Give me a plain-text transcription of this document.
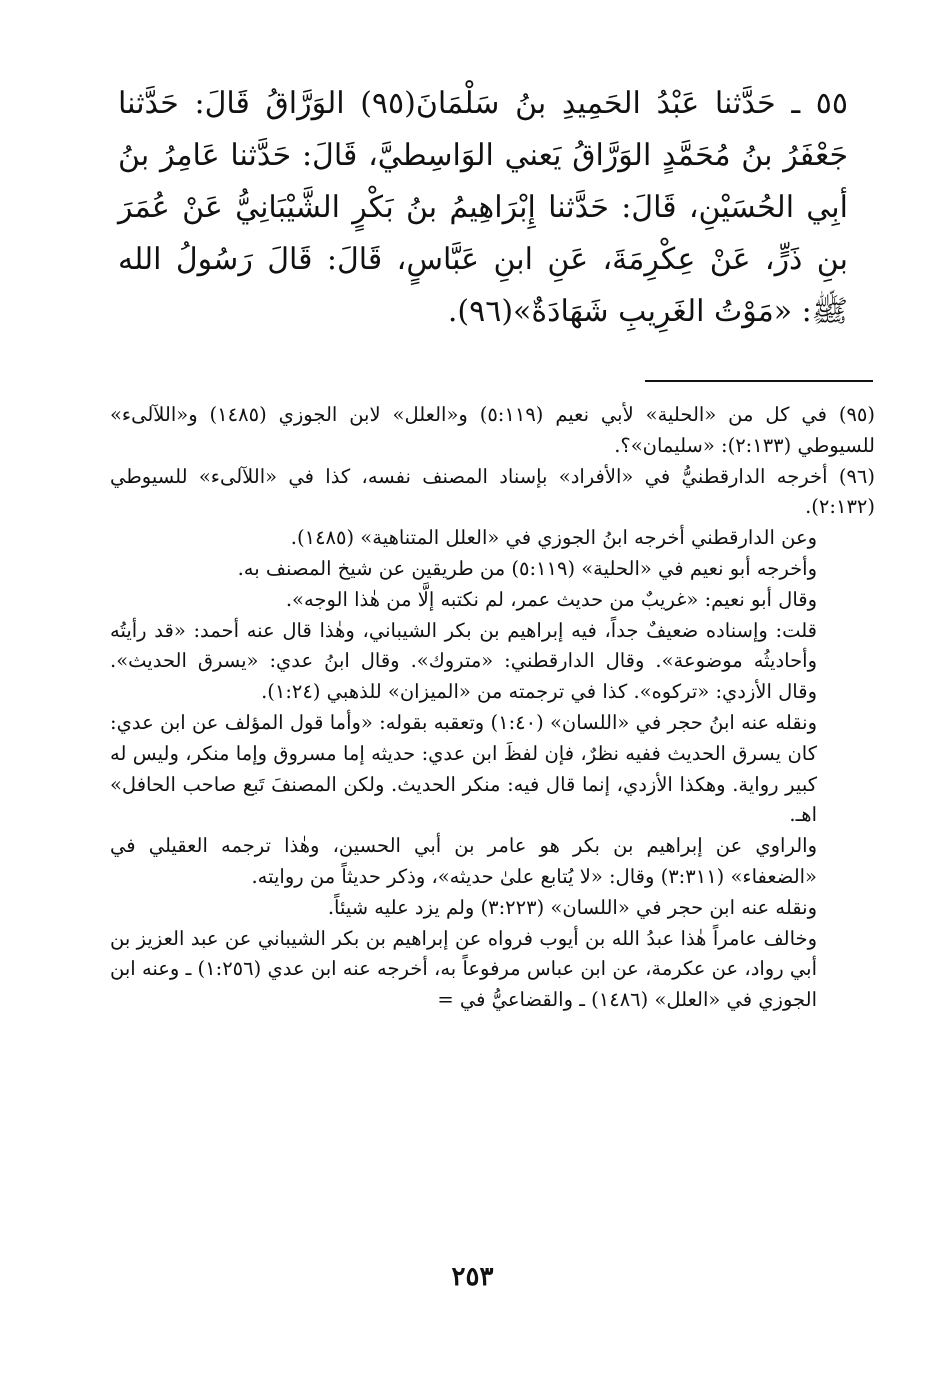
٥٥ ـ حَدَّثنا عَبْدُ الحَمِيدِ بنُ سَلْمَانَ(٩٥) الوَرَّاقُ قَالَ: حَدَّثنا جَعْفَرُ بنُ مُحَمَّدٍ الوَرَّاقُ يَعني الوَاسِطيَّ، قَالَ: حَدَّثنا عَامِرُ بنُ أبِي الحُسَيْنِ، قَالَ: حَدَّثنا إِبْرَاهِيمُ بنُ بَكْرٍ الشَّيْبَانِيُّ عَنْ عُمَرَ بنِ ذَرٍّ، عَنْ عِكْرِمَةَ، عَنِ ابنِ عَبَّاسٍ، قَالَ: قَالَ رَسُولُ الله ﷺ: «مَوْتُ الغَرِيبِ شَهَادَةٌ»(٩٦).

(٩٥) في كل من «الحلية» لأبي نعيم (٥:١١٩) و«العلل» لابن الجوزي (١٤٨٥) و«اللآلىء» للسيوطي (٢:١٣٣): «سليمان»؟.

(٩٦) أخرجه الدارقطنيُّ في «الأفراد» بإسناد المصنف نفسه، كذا في «اللآلىء» للسيوطي (٢:١٣٢).

وعن الدارقطني أخرجه ابنُ الجوزي في «العلل المتناهية» (١٤٨٥).

وأخرجه أبو نعيم في «الحلية» (٥:١١٩) من طريقين عن شيخ المصنف به.

وقال أبو نعيم: «غريبٌ من حديث عمر، لم نكتبه إلَّا من هٰذا الوجه».

قلت: وإسناده ضعيفٌ جداً، فيه إبراهيم بن بكر الشيباني، وهٰذا قال عنه أحمد: «قد رأيتُه وأحاديثُه موضوعة». وقال الدارقطني: «متروك». وقال ابنُ عدي: «يسرق الحديث». وقال الأزدي: «تركوه». كذا في ترجمته من «الميزان» للذهبي (١:٢٤).

ونقله عنه ابنُ حجر في «اللسان» (١:٤٠) وتعقبه بقوله: «وأما قول المؤلف عن ابن عدي: كان يسرق الحديث ففيه نظرٌ، فإن لفظَ ابن عدي: حديثه إما مسروق وإما منكر، وليس له كبير رواية. وهكذا الأزدي، إنما قال فيه: منكر الحديث. ولكن المصنفَ تَبع صاحب الحافل» اهـ.

والراوي عن إبراهيم بن بكر هو عامر بن أبي الحسين، وهٰذا ترجمه العقيلي في «الضعفاء» (٣:٣١١) وقال: «لا يُتابع علىٰ حديثه»، وذكر حديثاً من روايته.

ونقله عنه ابن حجر في «اللسان» (٣:٢٢٣) ولم يزد عليه شيئاً.

وخالف عامراً هٰذا عبدُ الله بن أيوب فرواه عن إبراهيم بن بكر الشيباني عن عبد العزيز بن أبي رواد، عن عكرمة، عن ابن عباس مرفوعاً به، أخرجه عنه ابن عدي (١:٢٥٦) ـ وعنه ابن الجوزي في «العلل» (١٤٨٦) ـ والقضاعيُّ في =

٢٥٣
